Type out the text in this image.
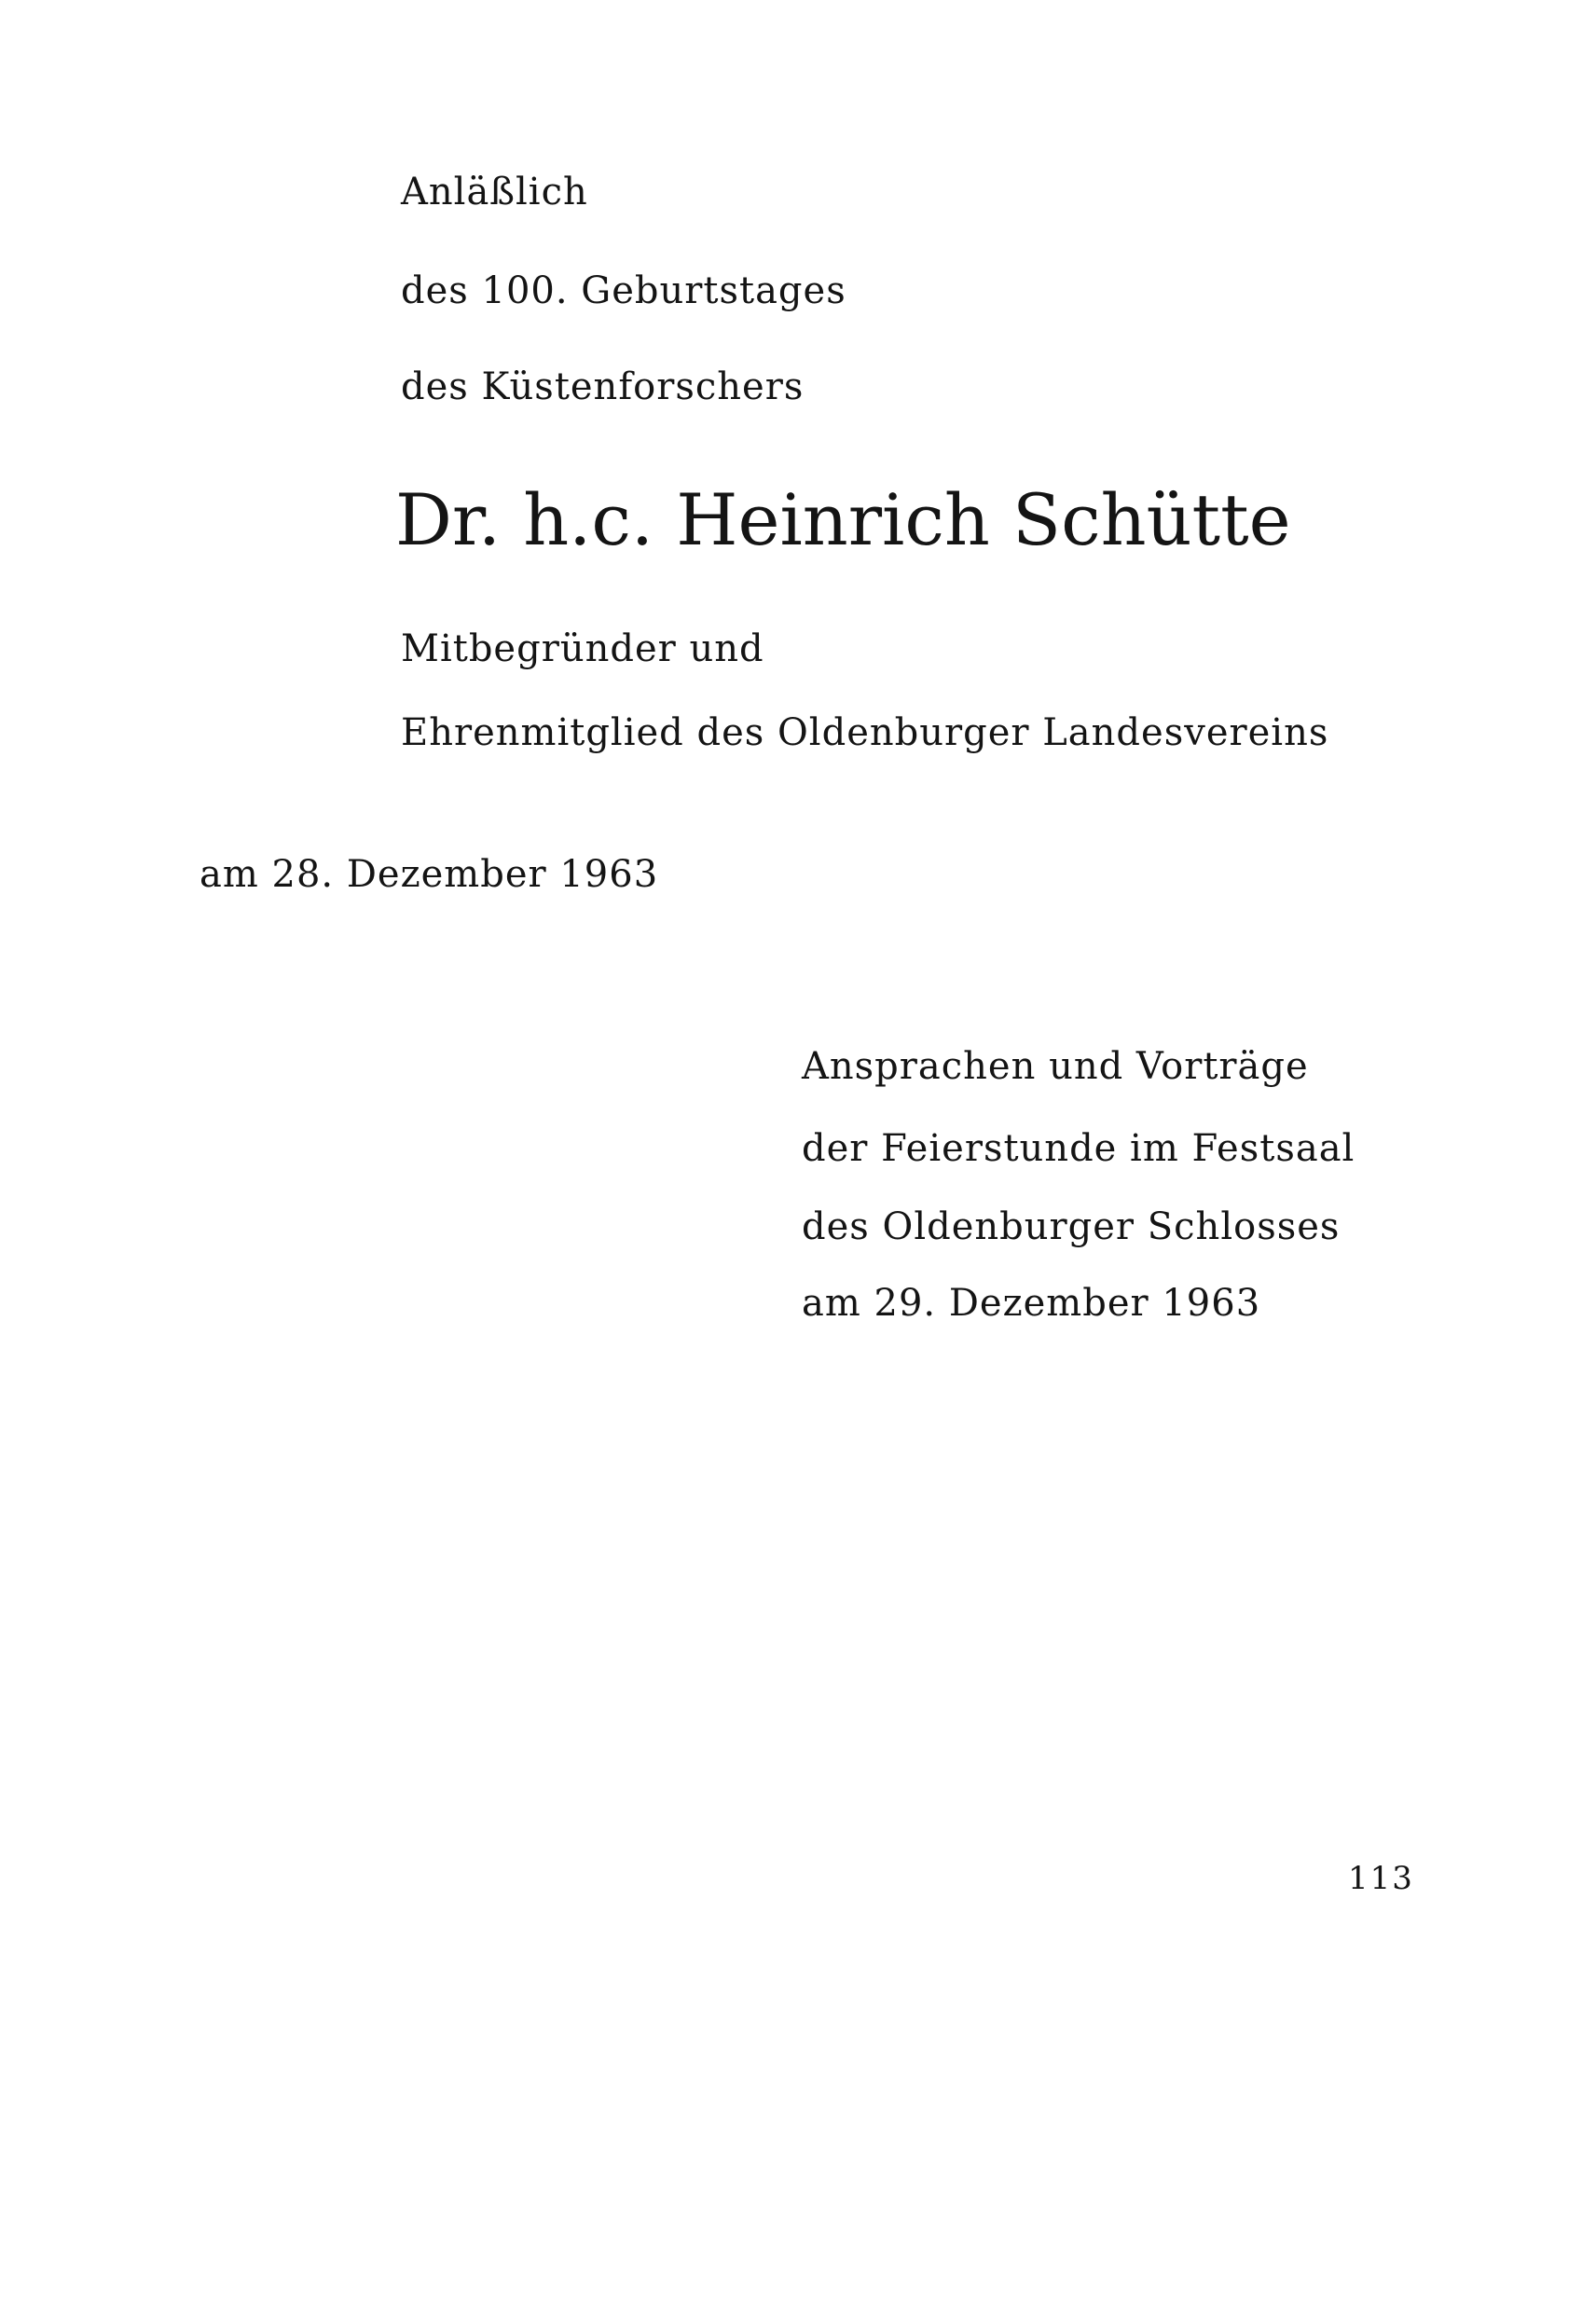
Anläßlich

des 100. Geburtstages

des Küstenforschers

Dr. h.c. Heinrich Schütte

Mitbegründer und

Ehrenmitglied des Oldenburger Landesvereins

am 28. Dezember 1963

Ansprachen und Vorträge

der Feierstunde im Festsaal

des Oldenburger Schlosses

am 29. Dezember 1963

113
